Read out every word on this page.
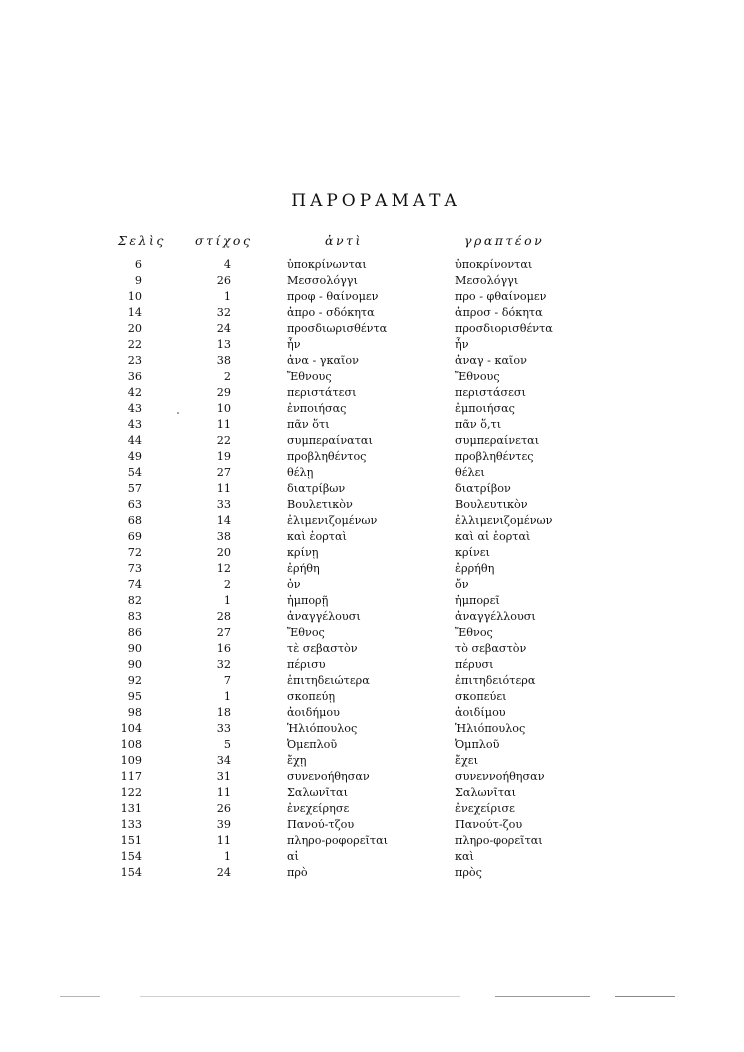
ΠΑΡΟΡΑΜΑΤΑ
Σελὶς στίχος	ἀντὶ	γραπτέον
6	4	ὑποκρίνωνται	ὑποκρίνονται
9	26	Μεσσολόγγι	Μεσολόγγι
10	1	προφ - θαίνομεν	προ - φθαίνομεν
14	32	ἀπρο - σδόκητα	ἀπροσ - δόκητα
20	24	προσδιωρισθέντα	προσδιορισθέντα
22	13	ἦν	ἦν
23	38	ἀνα - γκαῖον	ἀναγ - καῖον
36	2	Ἔθνους	Ἔθνους
42	29	περιστάτεσι	περιστάσεσι
43	10	ἐνποιήσας	ἐμποιήσας
43	11	πᾶν ὅτι	πᾶν ὅ,τι
44	22	συμπεραίναται	συμπεραίνεται
49	19	προβληθέντος	προβληθέντες
54	27	θέλῃ	θέλει
57	11	διατρίβων	διατρίβον
63	33	Βουλετικὸν	Βουλευτικὸν
68	14	ἐλιμενιζομένων	ἐλλιμενιζομένων
69	38	καὶ ἑορταὶ	καὶ αἱ ἑορταὶ
72	20	κρίνῃ	κρίνει
73	12	ἐρήθη	ἐρρήθη
74	2	ὀν	ὄν
82	1	ἠμπορῇ	ἠμπορεῖ
83	28	ἀναγγέλουσι	ἀναγγέλλουσι
86	27	Ἔθνος	Ἔθνος
90	16	τὲ σεβαστὸν	τὸ σεβαστὸν
90	32	πέρισυ	πέρυσι
92	7	ἐπιτηδειώτερα	ἐπιτηδειότερα
95	1	σκοπεύῃ	σκοπεύει
98	18	ἀοιδήμου	ἀοιδίμου
104	33	Ἡλιόπουλος	Ἡλιόπουλος
108	5	Ὀμεπλοῦ	Ὀμπλοῦ
109	34	ἔχῃ	ἔχει
117	31	συνενοήθησαν	συνεννοήθησαν
122	11	Σαλωνῖται	Σαλωνῖται
131	26	ἐνεχείρησε	ἐνεχείρισε
133	39	Πανού-τζου	Πανούτ-ζου
151	11	πληρο-ροφορεῖται	πληρο-φορεῖται
154	1	αἱ	καὶ
154	24	πρὸ	πρὸς
